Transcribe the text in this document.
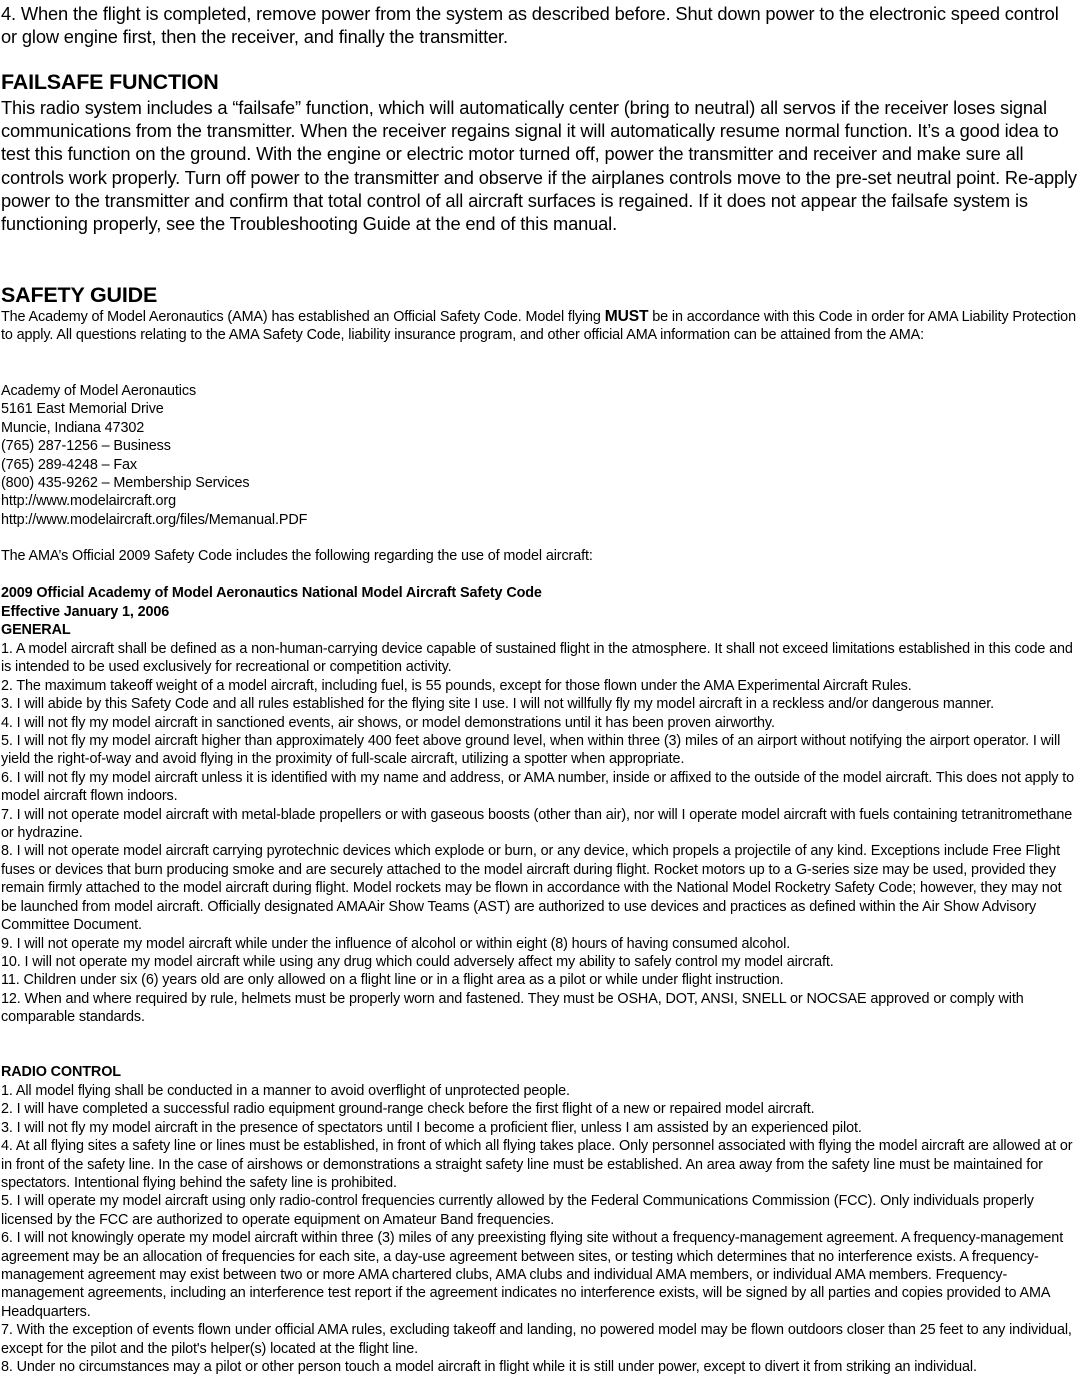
4. When the flight is completed, remove power from the system as described before. Shut down power to the electronic speed control or glow engine first, then the receiver, and finally the transmitter.

FAILSAFE FUNCTION

This radio system includes a “failsafe” function, which will automatically center (bring to neutral) all servos if the receiver loses signal communications from the transmitter. When the receiver regains signal it will automatically resume normal function. It’s a good idea to test this function on the ground. With the engine or electric motor turned off, power the transmitter and receiver and make sure all controls work properly. Turn off power to the transmitter and observe if the airplanes controls move to the pre-set neutral point. Re-apply power to the transmitter and confirm that total control of all aircraft surfaces is regained. If it does not appear the failsafe system is functioning properly, see the Troubleshooting Guide at the end of this manual.

SAFETY GUIDE

The Academy of Model Aeronautics (AMA) has established an Official Safety Code. Model flying MUST be in accordance with this Code in order for AMA Liability Protection to apply. All questions relating to the AMA Safety Code, liability insurance program, and other official AMA information can be attained from the AMA:

Academy of Model Aeronautics
5161 East Memorial Drive
Muncie, Indiana 47302
(765) 287-1256 – Business
(765) 289-4248 – Fax
(800) 435-9262 – Membership Services
http://www.modelaircraft.org
http://www.modelaircraft.org/files/Memanual.PDF

The AMA’s Official 2009 Safety Code includes the following regarding the use of model aircraft:

2009 Official Academy of Model Aeronautics National Model Aircraft Safety Code

Effective January 1, 2006

GENERAL

1. A model aircraft shall be defined as a non-human-carrying device capable of sustained flight in the atmosphere. It shall not exceed limitations established in this code and is intended to be used exclusively for recreational or competition activity.
2. The maximum takeoff weight of a model aircraft, including fuel, is 55 pounds, except for those flown under the AMA Experimental Aircraft Rules.
3. I will abide by this Safety Code and all rules established for the flying site I use. I will not willfully fly my model aircraft in a reckless and/or dangerous manner.
4. I will not fly my model aircraft in sanctioned events, air shows, or model demonstrations until it has been proven airworthy.
5. I will not fly my model aircraft higher than approximately 400 feet above ground level, when within three (3) miles of an airport without notifying the airport operator. I will yield the right-of-way and avoid flying in the proximity of full-scale aircraft, utilizing a spotter when appropriate.
6. I will not fly my model aircraft unless it is identified with my name and address, or AMA number, inside or affixed to the outside of the model aircraft. This does not apply to model aircraft flown indoors.
7. I will not operate model aircraft with metal-blade propellers or with gaseous boosts (other than air), nor will I operate model aircraft with fuels containing tetranitromethane or hydrazine.
8. I will not operate model aircraft carrying pyrotechnic devices which explode or burn, or any device, which propels a projectile of any kind. Exceptions include Free Flight fuses or devices that burn producing smoke and are securely attached to the model aircraft during flight. Rocket motors up to a G-series size may be used, provided they remain firmly attached to the model aircraft during flight. Model rockets may be flown in accordance with the National Model Rocketry Safety Code; however, they may not be launched from model aircraft. Officially designated AMAAir Show Teams (AST) are authorized to use devices and practices as defined within the Air Show Advisory Committee Document.
9. I will not operate my model aircraft while under the influence of alcohol or within eight (8) hours of having consumed alcohol.
10. I will not operate my model aircraft while using any drug which could adversely affect my ability to safely control my model aircraft.
11. Children under six (6) years old are only allowed on a flight line or in a flight area as a pilot or while under flight instruction.
12. When and where required by rule, helmets must be properly worn and fastened. They must be OSHA, DOT, ANSI, SNELL or NOCSAE approved or comply with comparable standards.

RADIO CONTROL

1. All model flying shall be conducted in a manner to avoid overflight of unprotected people.
2. I will have completed a successful radio equipment ground-range check before the first flight of a new or repaired model aircraft.
3. I will not fly my model aircraft in the presence of spectators until I become a proficient flier, unless I am assisted by an experienced pilot.
4. At all flying sites a safety line or lines must be established, in front of which all flying takes place. Only personnel associated with flying the model aircraft are allowed at or in front of the safety line. In the case of airshows or demonstrations a straight safety line must be established. An area away from the safety line must be maintained for spectators. Intentional flying behind the safety line is prohibited.
5. I will operate my model aircraft using only radio-control frequencies currently allowed by the Federal Communications Commission (FCC). Only individuals properly licensed by the FCC are authorized to operate equipment on Amateur Band frequencies.
6. I will not knowingly operate my model aircraft within three (3) miles of any preexisting flying site without a frequency-management agreement. A frequency-management agreement may be an allocation of frequencies for each site, a day-use agreement between sites, or testing which determines that no interference exists. A frequency-management agreement may exist between two or more AMA chartered clubs, AMA clubs and individual AMA members, or individual AMA members. Frequency-management agreements, including an interference test report if the agreement indicates no interference exists, will be signed by all parties and copies provided to AMA Headquarters.
7. With the exception of events flown under official AMA rules, excluding takeoff and landing, no powered model may be flown outdoors closer than 25 feet to any individual, except for the pilot and the pilot's helper(s) located at the flight line.
8. Under no circumstances may a pilot or other person touch a model aircraft in flight while it is still under power, except to divert it from striking an individual.
